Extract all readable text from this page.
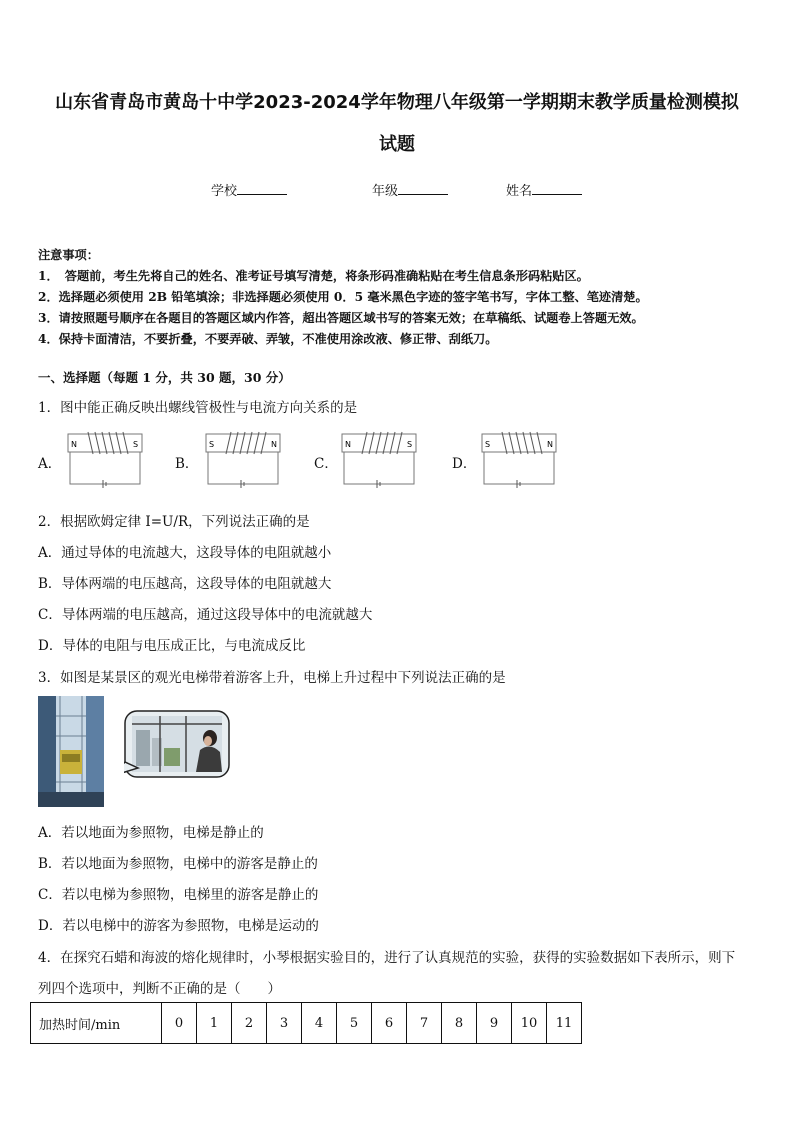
山东省青岛市黄岛十中学2023-2024学年物理八年级第一学期期末教学质量检测模拟
试题
学校	年级	姓名
注意事项：
1．　答题前，考生先将自己的姓名、准考证号填写清楚，将条形码准确粘贴在考生信息条形码粘贴区。
2．选择题必须使用 2B 铅笔填涂；非选择题必须使用 0．5 毫米黑色字迹的签字笔书写，字体工整、笔迹清楚。
3．请按照题号顺序在各题目的答题区域内作答，超出答题区域书写的答案无效；在草稿纸、试题卷上答题无效。
4．保持卡面清洁，不要折叠，不要弄破、弄皱，不准使用涂改液、修正带、刮纸刀。
一、选择题（每题 1 分，共 30 题，30 分）
1．图中能正确反映出螺线管极性与电流方向关系的是
A．
N	S
B．
S	N
C．
N	S
D．
S	N
2．根据欧姆定律 I=U/R，下列说法正确的是
A．通过导体的电流越大，这段导体的电阻就越小
B．导体两端的电压越高，这段导体的电阻就越大
C．导体两端的电压越高，通过这段导体中的电流就越大
D．导体的电阻与电压成正比，与电流成反比
3．如图是某景区的观光电梯带着游客上升，电梯上升过程中下列说法正确的是
A．若以地面为参照物，电梯是静止的
B．若以地面为参照物，电梯中的游客是静止的
C．若以电梯为参照物，电梯里的游客是静止的
D．若以电梯中的游客为参照物，电梯是运动的
4．在探究石蜡和海波的熔化规律时，小琴根据实验目的，进行了认真规范的实验，获得的实验数据如下表所示，则下
列四个选项中，判断不正确的是（　　）
加热时间/min	0	1	2	3	4	5	6	7	8	9	10	11
